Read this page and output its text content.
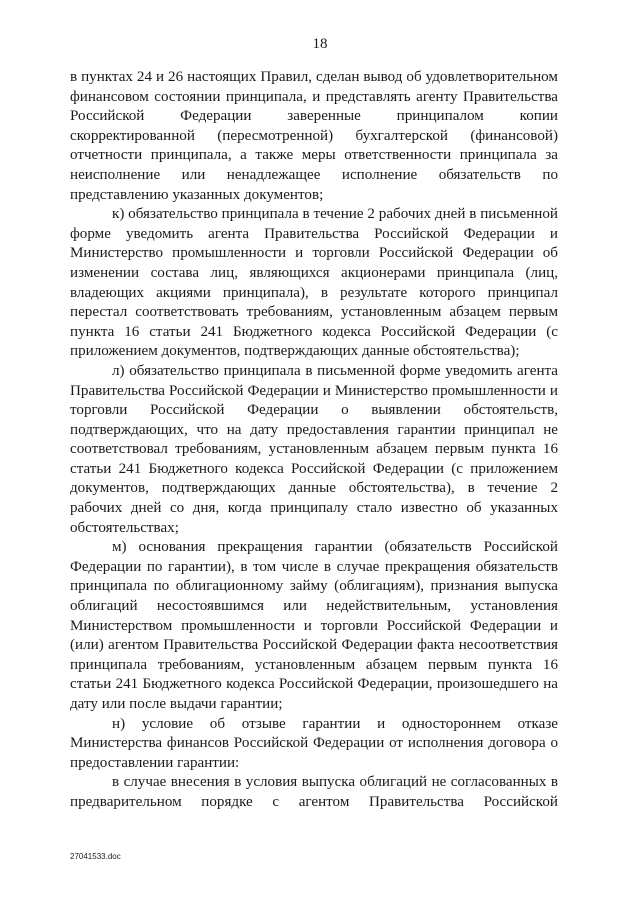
18

в пунктах 24 и 26 настоящих Правил, сделан вывод об удовлетворительном финансовом состоянии принципала, и представлять агенту Правительства Российской Федерации заверенные принципалом копии скорректированной (пересмотренной) бухгалтерской (финансовой) отчетности принципала, а также меры ответственности принципала за неисполнение или ненадлежащее исполнение обязательств по представлению указанных документов;

к) обязательство принципала в течение 2 рабочих дней в письменной форме уведомить агента Правительства Российской Федерации и Министерство промышленности и торговли Российской Федерации об изменении состава лиц, являющихся акционерами принципала (лиц, владеющих акциями принципала), в результате которого принципал перестал соответствовать требованиям, установленным абзацем первым пункта 16 статьи 241 Бюджетного кодекса Российской Федерации (с приложением документов, подтверждающих данные обстоятельства);

л) обязательство принципала в письменной форме уведомить агента Правительства Российской Федерации и Министерство промышленности и торговли Российской Федерации о выявлении обстоятельств, подтверждающих, что на дату предоставления гарантии принципал не соответствовал требованиям, установленным абзацем первым пункта 16 статьи 241 Бюджетного кодекса Российской Федерации (с приложением документов, подтверждающих данные обстоятельства), в течение 2 рабочих дней со дня, когда принципалу стало известно об указанных обстоятельствах;

м) основания прекращения гарантии (обязательств Российской Федерации по гарантии), в том числе в случае прекращения обязательств принципала по облигационному займу (облигациям), признания выпуска облигаций несостоявшимся или недействительным, установления Министерством промышленности и торговли Российской Федерации и (или) агентом Правительства Российской Федерации факта несоответствия принципала требованиям, установленным абзацем первым пункта 16 статьи 241 Бюджетного кодекса Российской Федерации, произошедшего на дату или после выдачи гарантии;

н) условие об отзыве гарантии и одностороннем отказе Министерства финансов Российской Федерации от исполнения договора о предоставлении гарантии:

в случае внесения в условия выпуска облигаций не согласованных в предварительном порядке с агентом Правительства Российской

27041533.doc
